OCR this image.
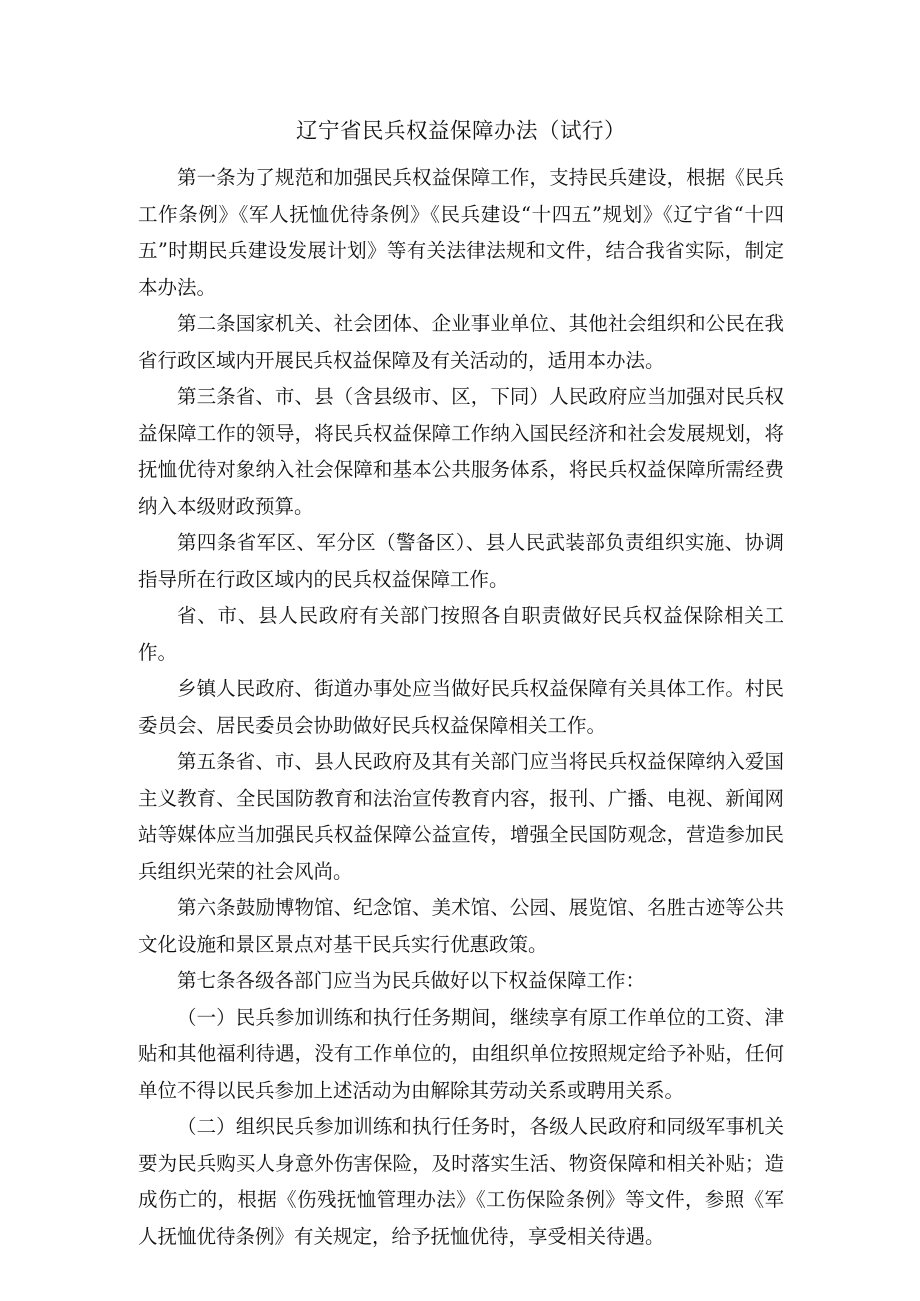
辽宁省民兵权益保障办法（试行）

第一条为了规范和加强民兵权益保障工作，支持民兵建设，根据《民兵工作条例》《军人抚恤优待条例》《民兵建设“十四五”规划》《辽宁省“十四五”时期民兵建设发展计划》等有关法律法规和文件，结合我省实际，制定本办法。

第二条国家机关、社会团体、企业事业单位、其他社会组织和公民在我省行政区域内开展民兵权益保障及有关活动的，适用本办法。

第三条省、市、县（含县级市、区，下同）人民政府应当加强对民兵权益保障工作的领导，将民兵权益保障工作纳入国民经济和社会发展规划，将抚恤优待对象纳入社会保障和基本公共服务体系，将民兵权益保障所需经费纳入本级财政预算。

第四条省军区、军分区（警备区）、县人民武装部负责组织实施、协调指导所在行政区域内的民兵权益保障工作。

省、市、县人民政府有关部门按照各自职责做好民兵权益保除相关工作。

乡镇人民政府、街道办事处应当做好民兵权益保障有关具体工作。村民委员会、居民委员会协助做好民兵权益保障相关工作。

第五条省、市、县人民政府及其有关部门应当将民兵权益保障纳入爱国主义教育、全民国防教育和法治宣传教育内容，报刊、广播、电视、新闻网站等媒体应当加强民兵权益保障公益宣传，增强全民国防观念，营造参加民兵组织光荣的社会风尚。

第六条鼓励博物馆、纪念馆、美术馆、公园、展览馆、名胜古迹等公共文化设施和景区景点对基干民兵实行优惠政策。

第七条各级各部门应当为民兵做好以下权益保障工作：

（一）民兵参加训练和执行任务期间，继续享有原工作单位的工资、津贴和其他福利待遇，没有工作单位的，由组织单位按照规定给予补贴，任何单位不得以民兵参加上述活动为由解除其劳动关系或聘用关系。

（二）组织民兵参加训练和执行任务时，各级人民政府和同级军事机关要为民兵购买人身意外伤害保险，及时落实生活、物资保障和相关补贴；造成伤亡的，根据《伤残抚恤管理办法》《工伤保险条例》等文件，参照《军人抚恤优待条例》有关规定，给予抚恤优待，享受相关待遇。
